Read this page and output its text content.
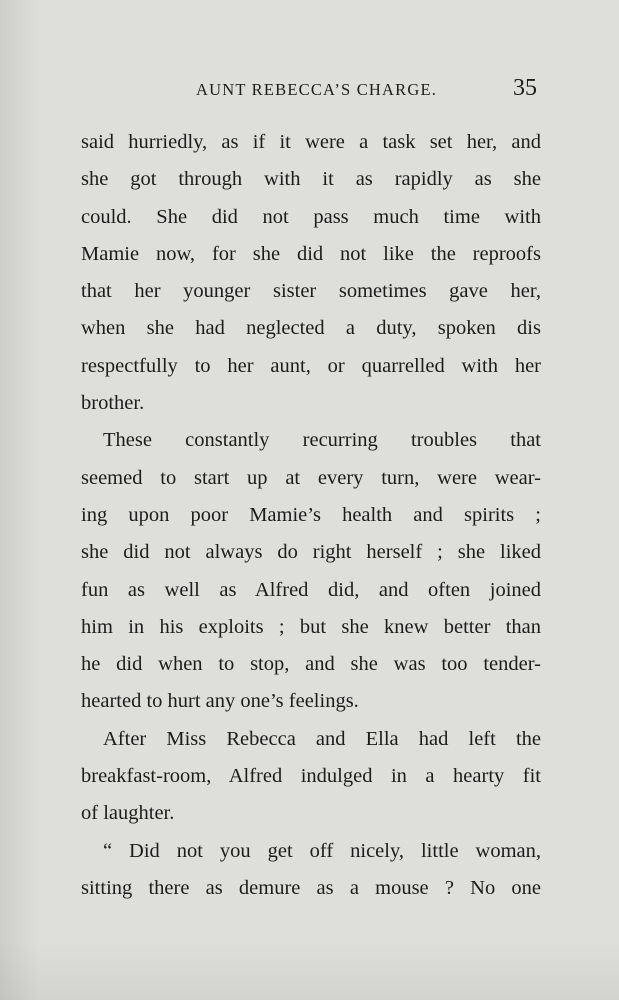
AUNT REBECCA’S CHARGE.	35
said hurriedly, as if it were a task set her, and
she got through with it as rapidly as she
could. She did not pass much time with
Mamie now, for she did not like the reproofs
that her younger sister sometimes gave her,
when she had neglected a duty, spoken dis
respectfully to her aunt, or quarrelled with her
brother.
These constantly recurring troubles that
seemed to start up at every turn, were wear-
ing upon poor Mamie’s health and spirits ;
she did not always do right herself ; she liked
fun as well as Alfred did, and often joined
him in his exploits ; but she knew better than
he did when to stop, and she was too tender-
hearted to hurt any one’s feelings.
After Miss Rebecca and Ella had left the
breakfast-room, Alfred indulged in a hearty fit
of laughter.
“ Did not you get off nicely, little woman,
sitting there as demure as a mouse ? No one
